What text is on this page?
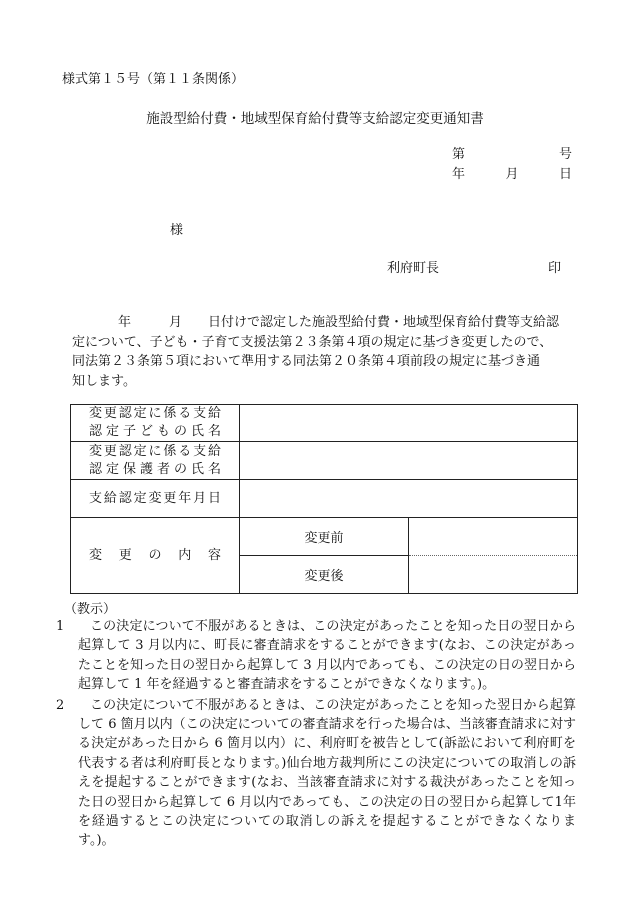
様式第１５号（第１１条関係）
施設型給付費・地域型保育給付費等支給認定変更通知書
第	号
年	月	日
様
利府町長	印

年	月 日付けで認定した施設型給付費・地域型保育給付費等支給認

定について、子ども・子育て支援法第２３条第４項の規定に基づき変更したので、

同法第２３条第５項において準用する同法第２０条第４項前段の規定に基づき通

知します。

変更認定に係る支給
認定子どもの氏名		

変更認定に係る支給
認定保護者の氏名		

支給認定変更年月日		

変　更　の　内　容	変更前	
	変更後	
（教示）
1	この決定について不服があるときは、この決定があったことを知った日の翌日から起算して 3 月以内に、町長に審査請求をすることができます(なお、この決定があったことを知った日の翌日から起算して 3 月以内であっても、この決定の日の翌日から起算して 1 年を経過すると審査請求をすることができなくなります。)。
2	この決定について不服があるときは、この決定があったことを知った翌日から起算して 6 箇月以内（この決定についての審査請求を行った場合は、当該審査請求に対する決定があった日から 6 箇月以内）に、利府町を被告として(訴訟において利府町を代表する者は利府町長となります。)仙台地方裁判所にこの決定についての取消しの訴えを提起することができます(なお、当該審査請求に対する裁決があったことを知った日の翌日から起算して 6 月以内であっても、この決定の日の翌日から起算して1年を経過するとこの決定についての取消しの訴えを提起することができなくなります。)。
